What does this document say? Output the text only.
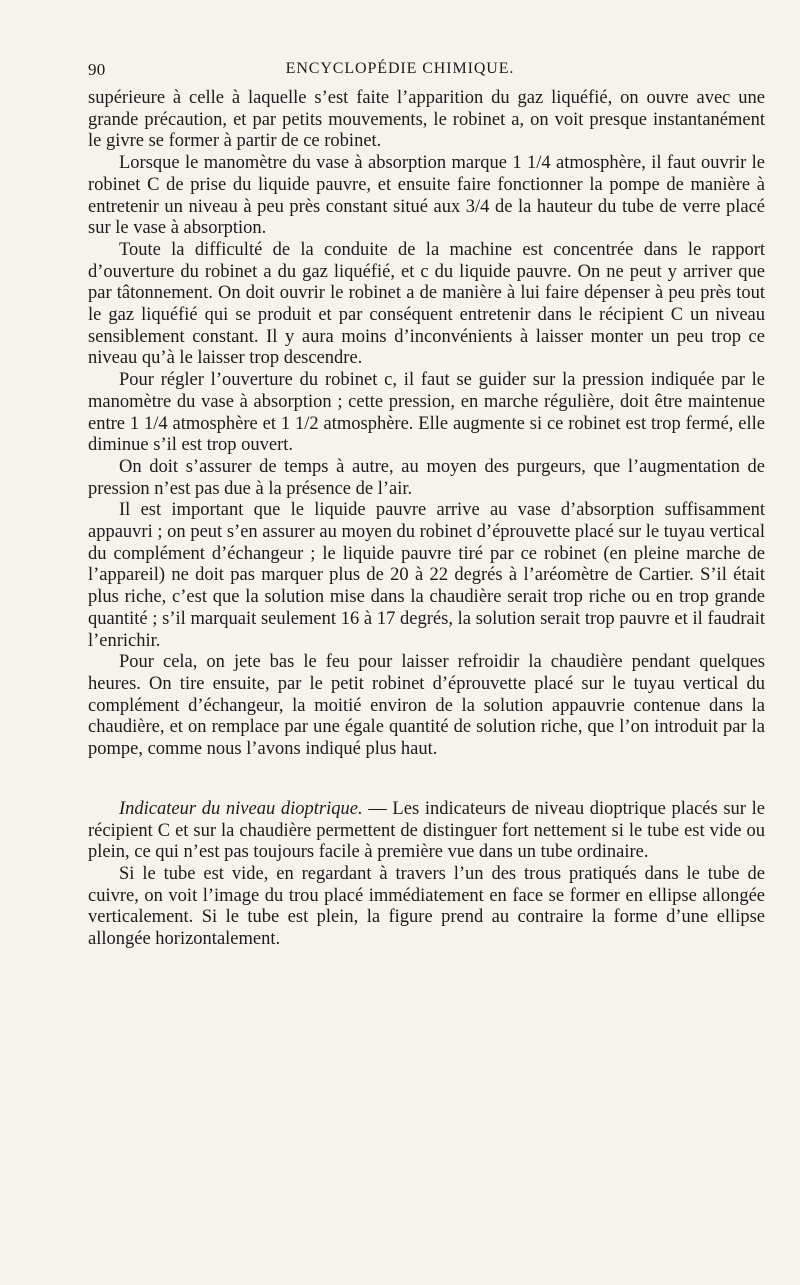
90	ENCYCLOPÉDIE CHIMIQUE.

supérieure à celle à laquelle s’est faite l’apparition du gaz liquéfié, on ouvre avec une grande précaution, et par petits mouvements, le robinet a, on voit presque instantanément le givre se former à partir de ce robinet.

Lorsque le manomètre du vase à absorption marque 1 1/4 atmosphère, il faut ouvrir le robinet C de prise du liquide pauvre, et ensuite faire fonctionner la pompe de manière à entretenir un niveau à peu près constant situé aux 3/4 de la hauteur du tube de verre placé sur le vase à absorption.

Toute la difficulté de la conduite de la machine est concentrée dans le rapport d’ouverture du robinet a du gaz liquéfié, et c du liquide pauvre. On ne peut y arriver que par tâtonnement. On doit ouvrir le robinet a de manière à lui faire dépenser à peu près tout le gaz liquéfié qui se produit et par conséquent entretenir dans le récipient C un niveau sensiblement constant. Il y aura moins d’inconvénients à laisser monter un peu trop ce niveau qu’à le laisser trop descendre.

Pour régler l’ouverture du robinet c, il faut se guider sur la pression indiquée par le manomètre du vase à absorption ; cette pression, en marche régulière, doit être maintenue entre 1 1/4 atmosphère et 1 1/2 atmosphère. Elle augmente si ce robinet est trop fermé, elle diminue s’il est trop ouvert.

On doit s’assurer de temps à autre, au moyen des purgeurs, que l’augmentation de pression n’est pas due à la présence de l’air.

Il est important que le liquide pauvre arrive au vase d’absorption suffisamment appauvri ; on peut s’en assurer au moyen du robinet d’éprouvette placé sur le tuyau vertical du complément d’échangeur ; le liquide pauvre tiré par ce robinet (en pleine marche de l’appareil) ne doit pas marquer plus de 20 à 22 degrés à l’aréomètre de Cartier. S’il était plus riche, c’est que la solution mise dans la chaudière serait trop riche ou en trop grande quantité ; s’il marquait seulement 16 à 17 degrés, la solution serait trop pauvre et il faudrait l’enrichir.

Pour cela, on jete bas le feu pour laisser refroidir la chaudière pendant quelques heures. On tire ensuite, par le petit robinet d’éprouvette placé sur le tuyau vertical du complément d’échangeur, la moitié environ de la solution appauvrie contenue dans la chaudière, et on remplace par une égale quantité de solution riche, que l’on introduit par la pompe, comme nous l’avons indiqué plus haut.

Indicateur du niveau dioptrique. — Les indicateurs de niveau dioptrique placés sur le récipient C et sur la chaudière permettent de distinguer fort nettement si le tube est vide ou plein, ce qui n’est pas toujours facile à première vue dans un tube ordinaire.

Si le tube est vide, en regardant à travers l’un des trous pratiqués dans le tube de cuivre, on voit l’image du trou placé immédiatement en face se former en ellipse allongée verticalement. Si le tube est plein, la figure prend au contraire la forme d’une ellipse allongée horizontalement.
